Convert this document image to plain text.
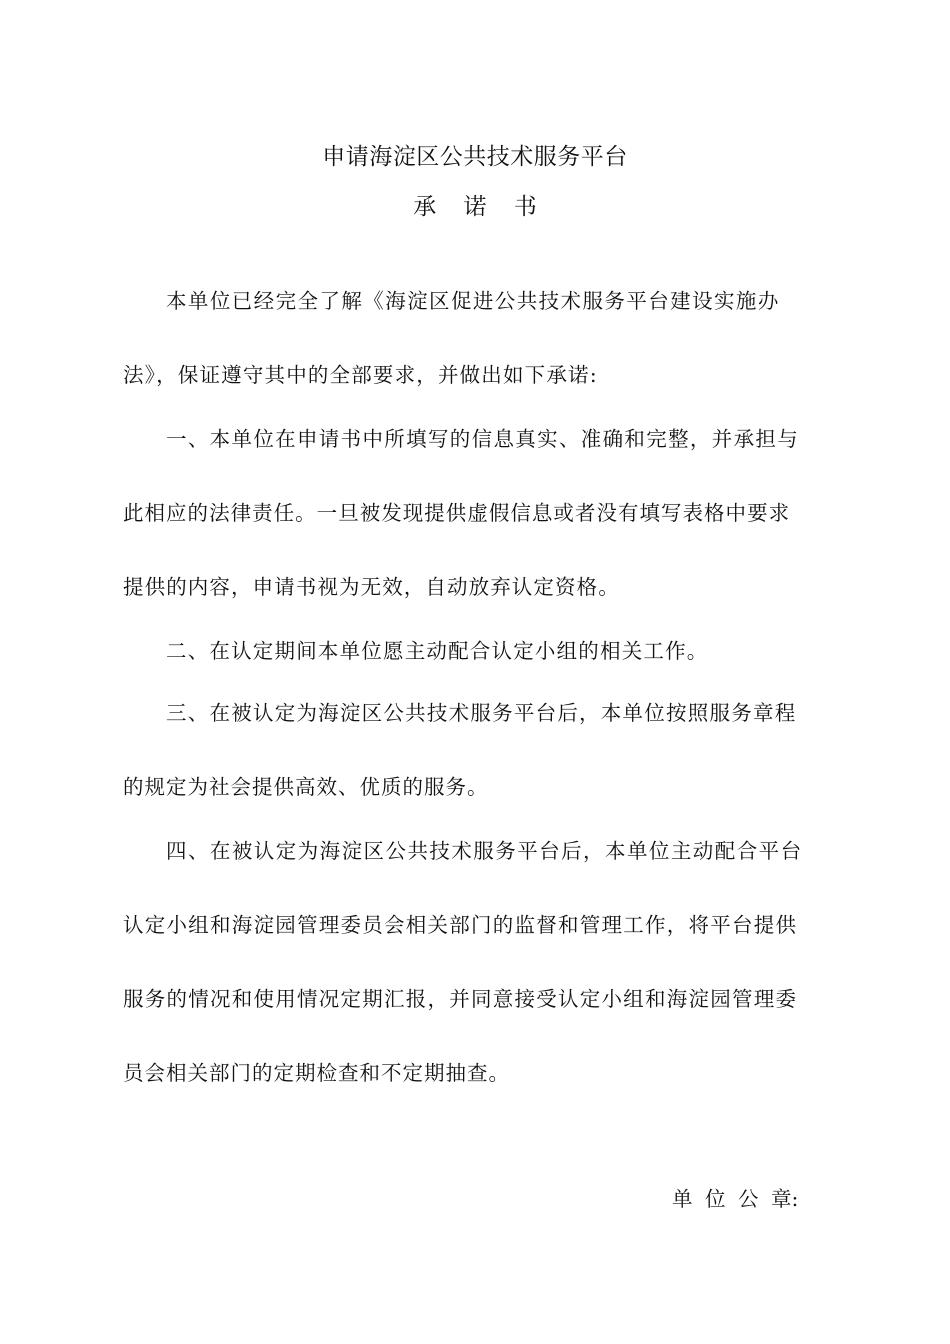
申请海淀区公共技术服务平台
承 诺 书
本单位已经完全了解《海淀区促进公共技术服务平台建设实施办
法》，保证遵守其中的全部要求，并做出如下承诺:
一、本单位在申请书中所填写的信息真实、准确和完整，并承担与
此相应的法律责任。一旦被发现提供虚假信息或者没有填写表格中要求
提供的内容，申请书视为无效，自动放弃认定资格。
二、在认定期间本单位愿主动配合认定小组的相关工作。
三、在被认定为海淀区公共技术服务平台后，本单位按照服务章程
的规定为社会提供高效、优质的服务。
四、在被认定为海淀区公共技术服务平台后，本单位主动配合平台
认定小组和海淀园管理委员会相关部门的监督和管理工作，将平台提供
服务的情况和使用情况定期汇报，并同意接受认定小组和海淀园管理委
员会相关部门的定期检查和不定期抽查。
单 位 公 章:
